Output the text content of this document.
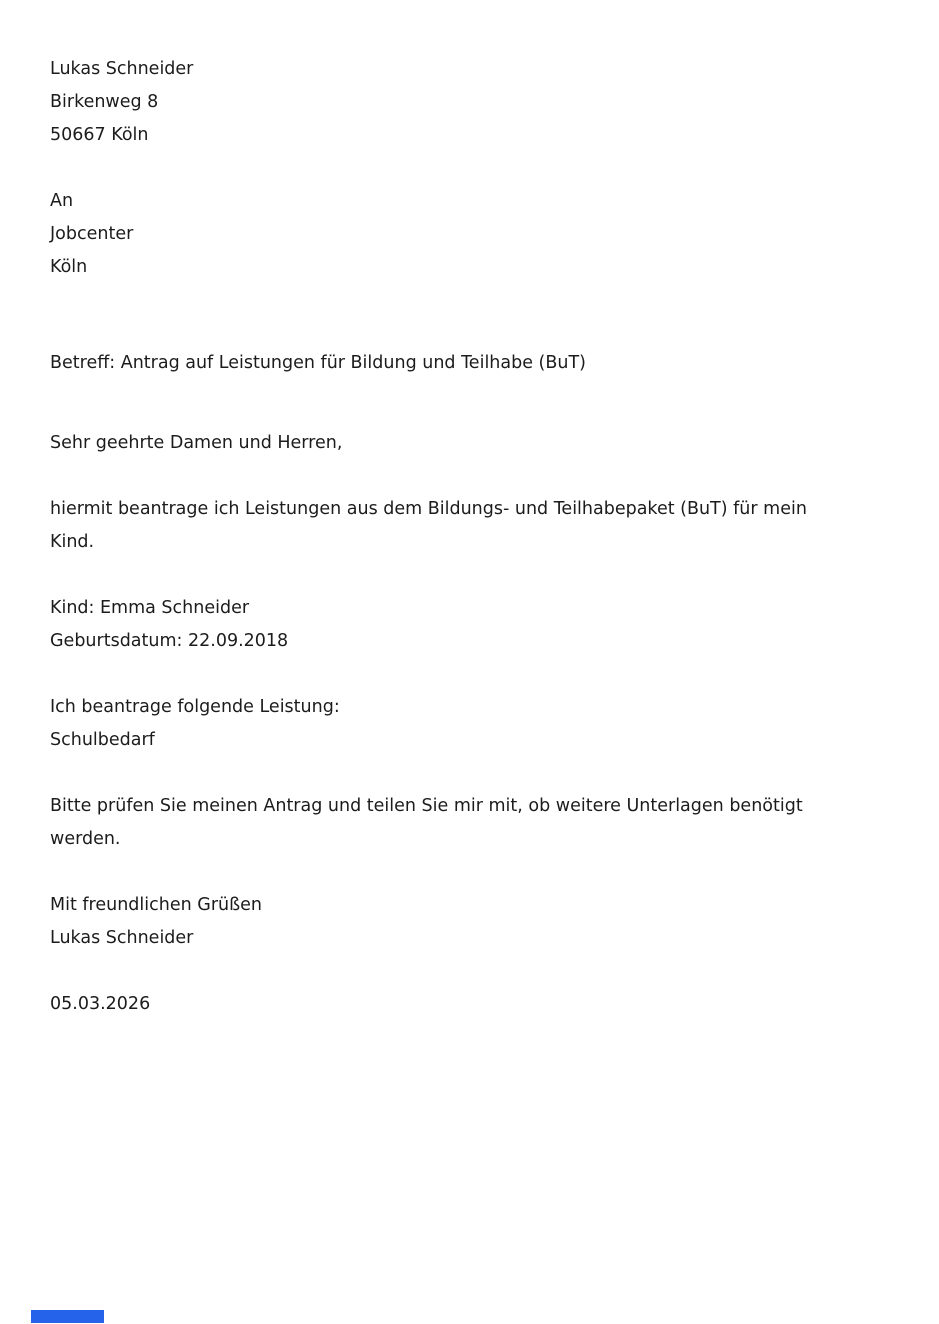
Lukas Schneider
Birkenweg 8
50667 Köln
An
Jobcenter
Köln
Betreff: Antrag auf Leistungen für Bildung und Teilhabe (BuT)
Sehr geehrte Damen und Herren,
hiermit beantrage ich Leistungen aus dem Bildungs- und Teilhabepaket (BuT) für mein
Kind.
Kind: Emma Schneider
Geburtsdatum: 22.09.2018
Ich beantrage folgende Leistung:
Schulbedarf
Bitte prüfen Sie meinen Antrag und teilen Sie mir mit, ob weitere Unterlagen benötigt
werden.
Mit freundlichen Grüßen
Lukas Schneider
05.03.2026
